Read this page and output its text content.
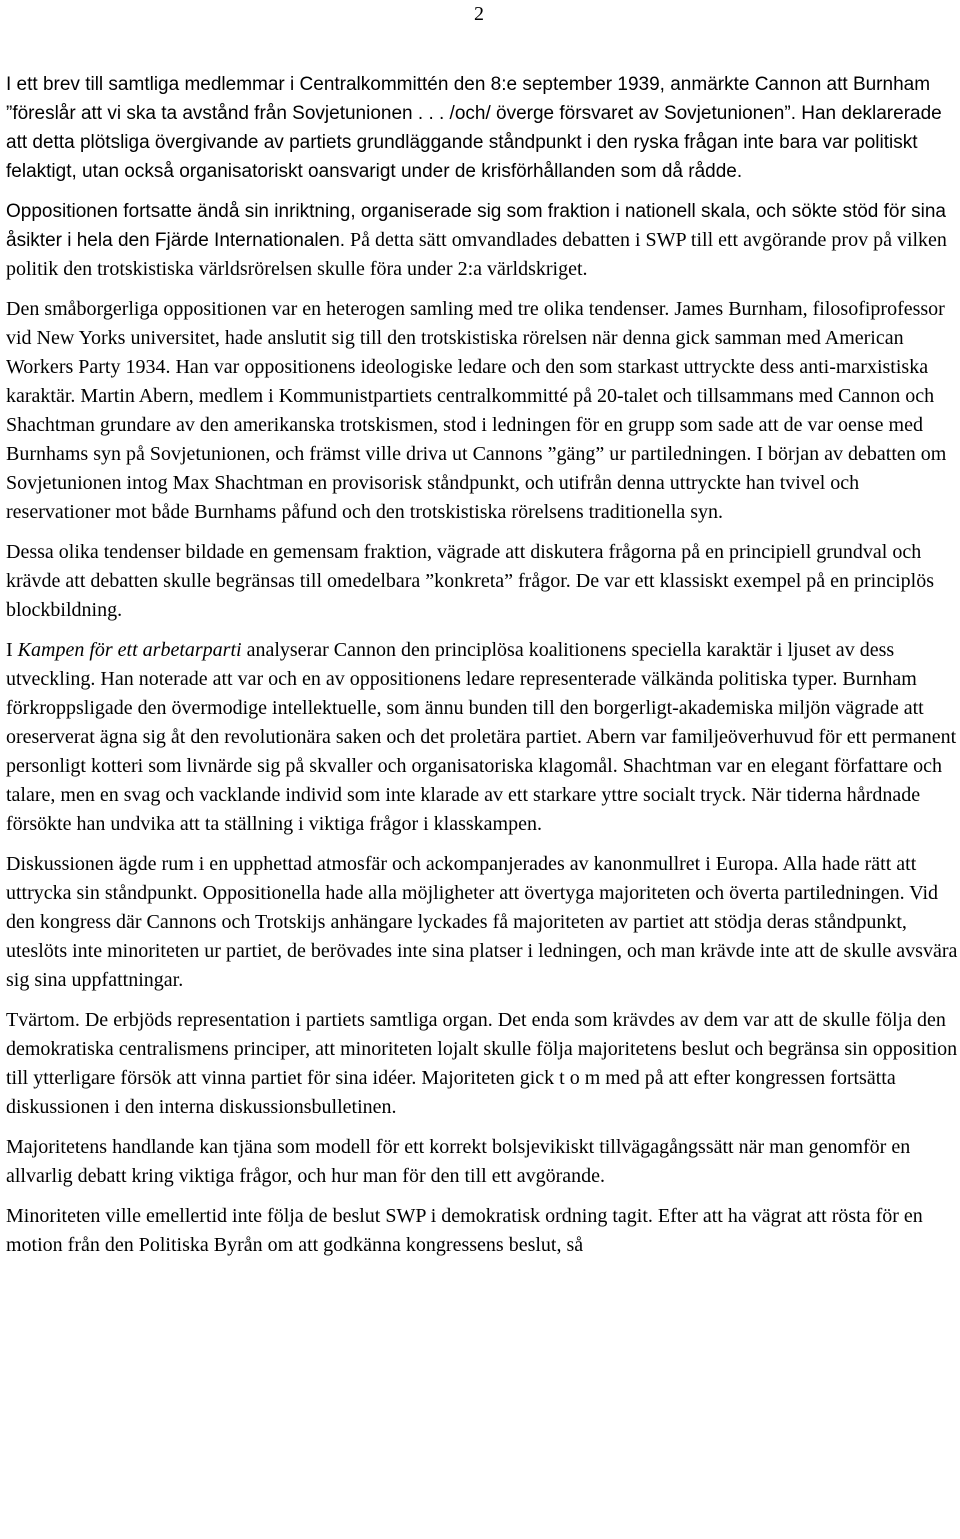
2

I ett brev till samtliga medlemmar i Centralkommittén den 8:e september 1939, anmärkte Cannon att Burnham ”föreslår att vi ska ta avstånd från Sovjetunionen . . . /och/ överge försvaret av Sovjetunionen”. Han deklarerade att detta plötsliga övergivande av partiets grundläggande ståndpunkt i den ryska frågan inte bara var politiskt felaktigt, utan också organisatoriskt oansvarigt under de krisförhållanden som då rådde.

Oppositionen fortsatte ändå sin inriktning, organiserade sig som fraktion i nationell skala, och sökte stöd för sina åsikter i hela den Fjärde Internationalen. På detta sätt omvandlades debatten i SWP till ett avgörande prov på vilken politik den trotskistiska världsrörelsen skulle föra under 2:a världskriget.

Den småborgerliga oppositionen var en heterogen samling med tre olika tendenser. James Burnham, filosofiprofessor vid New Yorks universitet, hade anslutit sig till den trotskistiska rörelsen när denna gick samman med American Workers Party 1934. Han var oppositionens ideologiske ledare och den som starkast uttryckte dess anti-marxistiska karaktär. Martin Abern, medlem i Kommunistpartiets centralkommitté på 20-talet och tillsammans med Cannon och Shachtman grundare av den amerikanska trotskismen, stod i ledningen för en grupp som sade att de var oense med Burnhams syn på Sovjetunionen, och främst ville driva ut Cannons ”gäng” ur partiledningen. I början av debatten om Sovjetunionen intog Max Shachtman en provisorisk ståndpunkt, och utifrån denna uttryckte han tvivel och reservationer mot både Burnhams påfund och den trotskistiska rörelsens traditionella syn.

Dessa olika tendenser bildade en gemensam fraktion, vägrade att diskutera frågorna på en principiell grundval och krävde att debatten skulle begränsas till omedelbara ”konkreta” frågor. De var ett klassiskt exempel på en principlös blockbildning.

I Kampen för ett arbetarparti analyserar Cannon den principlösa koalitionens speciella karaktär i ljuset av dess utveckling. Han noterade att var och en av oppositionens ledare representerade välkända politiska typer. Burnham förkroppsligade den övermodige intellektuelle, som ännu bunden till den borgerligt-akademiska miljön vägrade att oreserverat ägna sig åt den revolutionära saken och det proletära partiet. Abern var familjeöverhuvud för ett permanent personligt kotteri som livnärde sig på skvaller och organisatoriska klagomål. Shachtman var en elegant författare och talare, men en svag och vacklande individ som inte klarade av ett starkare yttre socialt tryck. När tiderna hårdnade försökte han undvika att ta ställning i viktiga frågor i klasskampen.

Diskussionen ägde rum i en upphettad atmosfär och ackompanjerades av kanonmullret i Europa. Alla hade rätt att uttrycka sin ståndpunkt. Oppositionella hade alla möjligheter att övertyga majoriteten och överta partiledningen. Vid den kongress där Cannons och Trotskijs anhängare lyckades få majoriteten av partiet att stödja deras ståndpunkt, uteslöts inte minoriteten ur partiet, de berövades inte sina platser i ledningen, och man krävde inte att de skulle avsvära sig sina uppfattningar.

Tvärtom. De erbjöds representation i partiets samtliga organ. Det enda som krävdes av dem var att de skulle följa den demokratiska centralismens principer, att minoriteten lojalt skulle följa majoritetens beslut och begränsa sin opposition till ytterligare försök att vinna partiet för sina idéer. Majoriteten gick t o m med på att efter kongressen fortsätta diskussionen i den interna diskussionsbulletinen.

Majoritetens handlande kan tjäna som modell för ett korrekt bolsjevikiskt tillvägagångssätt när man genomför en allvarlig debatt kring viktiga frågor, och hur man för den till ett avgörande.

Minoriteten ville emellertid inte följa de beslut SWP i demokratisk ordning tagit. Efter att ha vägrat att rösta för en motion från den Politiska Byrån om att godkänna kongressens beslut, så
